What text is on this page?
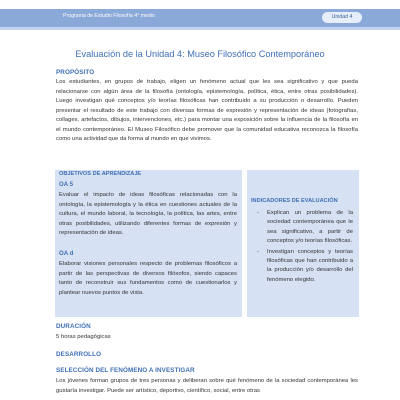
Programa de Estudio Filosofía 4° medio	Unidad 4
Evaluación de la Unidad 4: Museo Filosófico Contemporáneo
PROPÓSITO
Los estudiantes, en grupos de trabajo, eligen un fenómeno actual que les sea significativo y que pueda relacionarse con algún área de la filosofía (ontología, epistemología, política, ética, entre otras posibilidades). Luego investigan qué conceptos y/o teorías filosóficas han contribuido a su producción o desarrollo. Pueden presentar el resultado de este trabajo con diversas formas de expresión y representación de ideas (fotografías, collages, artefactos, dibujos, intervenciones, etc.) para montar una exposición sobre la influencia de la filosofía en el mundo contemporáneo. El Museo Filosófico debe promover que la comunidad educativa reconozca la filosofía como una actividad que da forma al mundo en que vivimos.
OBJETIVOS DE APRENDIZAJE
OA 5
Evaluar el impacto de ideas filosóficas relacionadas con la ontología, la epistemología y la ética en cuestiones actuales de la cultura, el mundo laboral, la tecnología, la política, las artes, entre otras posibilidades, utilizando diferentes formas de expresión y representación de ideas.
OA d
Elaborar visiones personales respecto de problemas filosóficos a partir de las perspectivas de diversos filósofos, siendo capaces tanto de reconstruir sus fundamentos como de cuestionarlos y plantear nuevos puntos de vista.
INDICADORES DE EVALUACIÓN
- Explican un problema de la sociedad contemporánea que le sea significativo, a partir de conceptos y/o teorías filosóficas.
- Investigan conceptos y teorías filosóficas que han contribuido a la producción y/o desarrollo del fenómeno elegido.
DURACIÓN
5 horas pedagógicas
DESARROLLO
SELECCIÓN DEL FENÓMENO A INVESTIGAR
Los jóvenes forman grupos de tres personas y deliberan sobre qué fenómeno de la sociedad contemporánea les gustaría investigar. Puede ser artístico, deportivo, científico, social, entre otras
